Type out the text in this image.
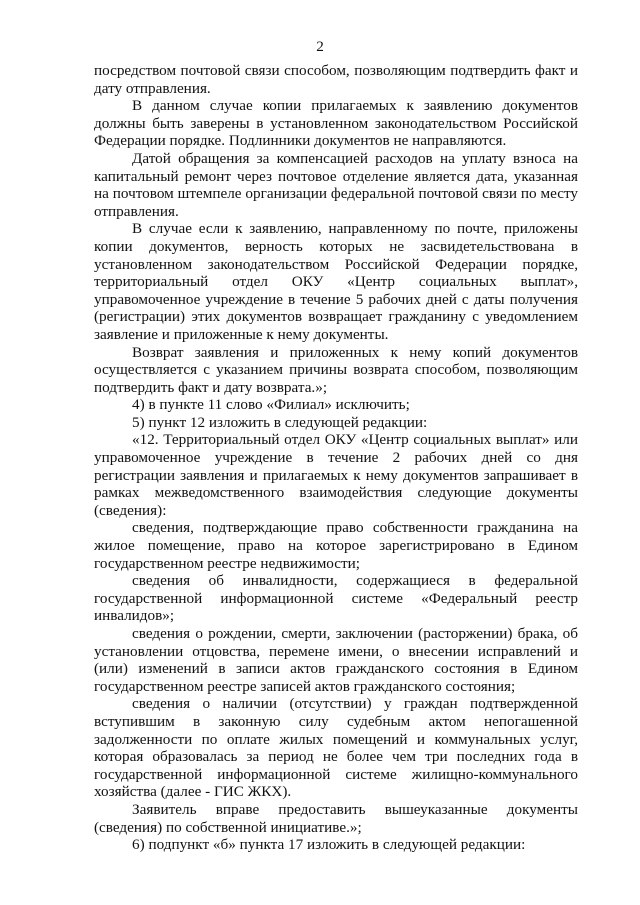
2

посредством почтовой связи способом, позволяющим подтвердить факт и дату отправления.

В данном случае копии прилагаемых к заявлению документов должны быть заверены в установленном законодательством Российской Федерации порядке. Подлинники документов не направляются.

Датой обращения за компенсацией расходов на уплату взноса на капитальный ремонт через почтовое отделение является дата, указанная на почтовом штемпеле организации федеральной почтовой связи по месту отправления.

В случае если к заявлению, направленному по почте, приложены копии документов, верность которых не засвидетельствована в установленном законодательством Российской Федерации порядке, территориальный отдел ОКУ «Центр социальных выплат», управомоченное учреждение в течение 5 рабочих дней с даты получения (регистрации) этих документов возвращает гражданину с уведомлением заявление и приложенные к нему документы.

Возврат заявления и приложенных к нему копий документов осуществляется с указанием причины возврата способом, позволяющим подтвердить факт и дату возврата.»;

4) в пункте 11 слово «Филиал» исключить;

5) пункт 12 изложить в следующей редакции:

«12. Территориальный отдел ОКУ «Центр социальных выплат» или управомоченное учреждение в течение 2 рабочих дней со дня регистрации заявления и прилагаемых к нему документов запрашивает в рамках межведомственного взаимодействия следующие документы (сведения):

сведения, подтверждающие право собственности гражданина на жилое помещение, право на которое зарегистрировано в Едином государственном реестре недвижимости;

сведения об инвалидности, содержащиеся в федеральной государственной информационной системе «Федеральный реестр инвалидов»;

сведения о рождении, смерти, заключении (расторжении) брака, об установлении отцовства, перемене имени, о внесении исправлений и (или) изменений в записи актов гражданского состояния в Едином государственном реестре записей актов гражданского состояния;

сведения о наличии (отсутствии) у граждан подтвержденной вступившим в законную силу судебным актом непогашенной задолженности по оплате жилых помещений и коммунальных услуг, которая образовалась за период не более чем три последних года в государственной информационной системе жилищно-коммунального хозяйства (далее - ГИС ЖКХ).

Заявитель вправе предоставить вышеуказанные документы (сведения) по собственной инициативе.»;

6) подпункт «б» пункта 17 изложить в следующей редакции:
